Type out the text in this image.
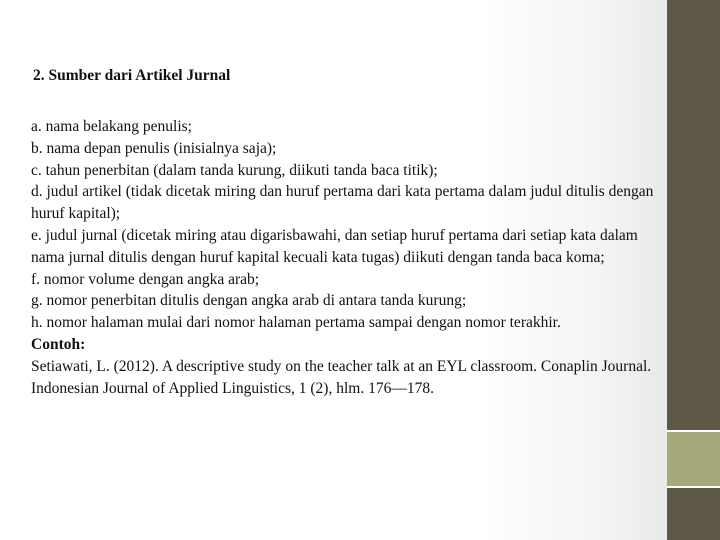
2. Sumber dari Artikel Jurnal

a. nama belakang penulis;

b. nama depan penulis (inisialnya saja);

c. tahun penerbitan (dalam tanda kurung, diikuti tanda baca titik);

d. judul artikel (tidak dicetak miring dan huruf pertama dari kata pertama dalam judul ditulis dengan huruf kapital);

e. judul jurnal (dicetak miring atau digarisbawahi, dan setiap huruf pertama dari setiap kata dalam nama jurnal ditulis dengan huruf kapital kecuali kata tugas) diikuti dengan tanda baca koma;

f. nomor volume dengan angka arab;

g. nomor penerbitan ditulis dengan angka arab di antara tanda kurung;

h. nomor halaman mulai dari nomor halaman pertama sampai dengan nomor terakhir.

Contoh:

Setiawati, L. (2012). A descriptive study on the teacher talk at an EYL classroom. Conaplin Journal. Indonesian Journal of Applied Linguistics, 1 (2), hlm. 176—178.
